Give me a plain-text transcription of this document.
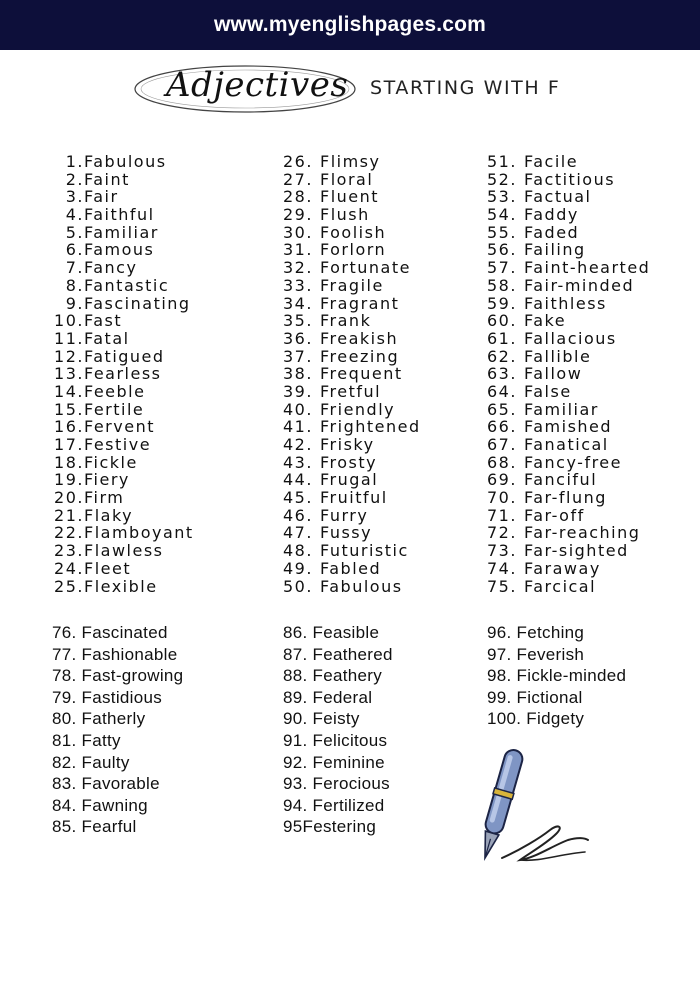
www.myenglishpages.com
Adjectives STARTING WITH F
1.Fabulous
2.Faint
3.Fair
4.Faithful
5.Familiar
6.Famous
7.Fancy
8.Fantastic
9.Fascinating
10.Fast
11.Fatal
12.Fatigued
13.Fearless
14.Feeble
15.Fertile
16.Fervent
17.Festive
18.Fickle
19.Fiery
20.Firm
21.Flaky
22.Flamboyant
23.Flawless
24.Fleet
25.Flexible
26. Flimsy
27. Floral
28. Fluent
29. Flush
30. Foolish
31. Forlorn
32. Fortunate
33. Fragile
34. Fragrant
35. Frank
36. Freakish
37. Freezing
38. Frequent
39. Fretful
40. Friendly
41. Frightened
42. Frisky
43. Frosty
44. Frugal
45. Fruitful
46. Furry
47. Fussy
48. Futuristic
49. Fabled
50. Fabulous
51. Facile
52. Factitious
53. Factual
54. Faddy
55. Faded
56. Failing
57. Faint-hearted
58. Fair-minded
59. Faithless
60. Fake
61. Fallacious
62. Fallible
63. Fallow
64. False
65. Familiar
66. Famished
67. Fanatical
68. Fancy-free
69. Fanciful
70. Far-flung
71. Far-off
72. Far-reaching
73. Far-sighted
74. Faraway
75. Farcical
76. Fascinated
77. Fashionable
78. Fast-growing
79. Fastidious
80. Fatherly
81. Fatty
82. Faulty
83. Favorable
84. Fawning
85. Fearful
86. Feasible
87. Feathered
88. Feathery
89. Federal
90. Feisty
91. Felicitous
92. Feminine
93. Ferocious
94. Fertilized
95Festering
96. Fetching
97. Feverish
98. Fickle-minded
99. Fictional
100. Fidgety
